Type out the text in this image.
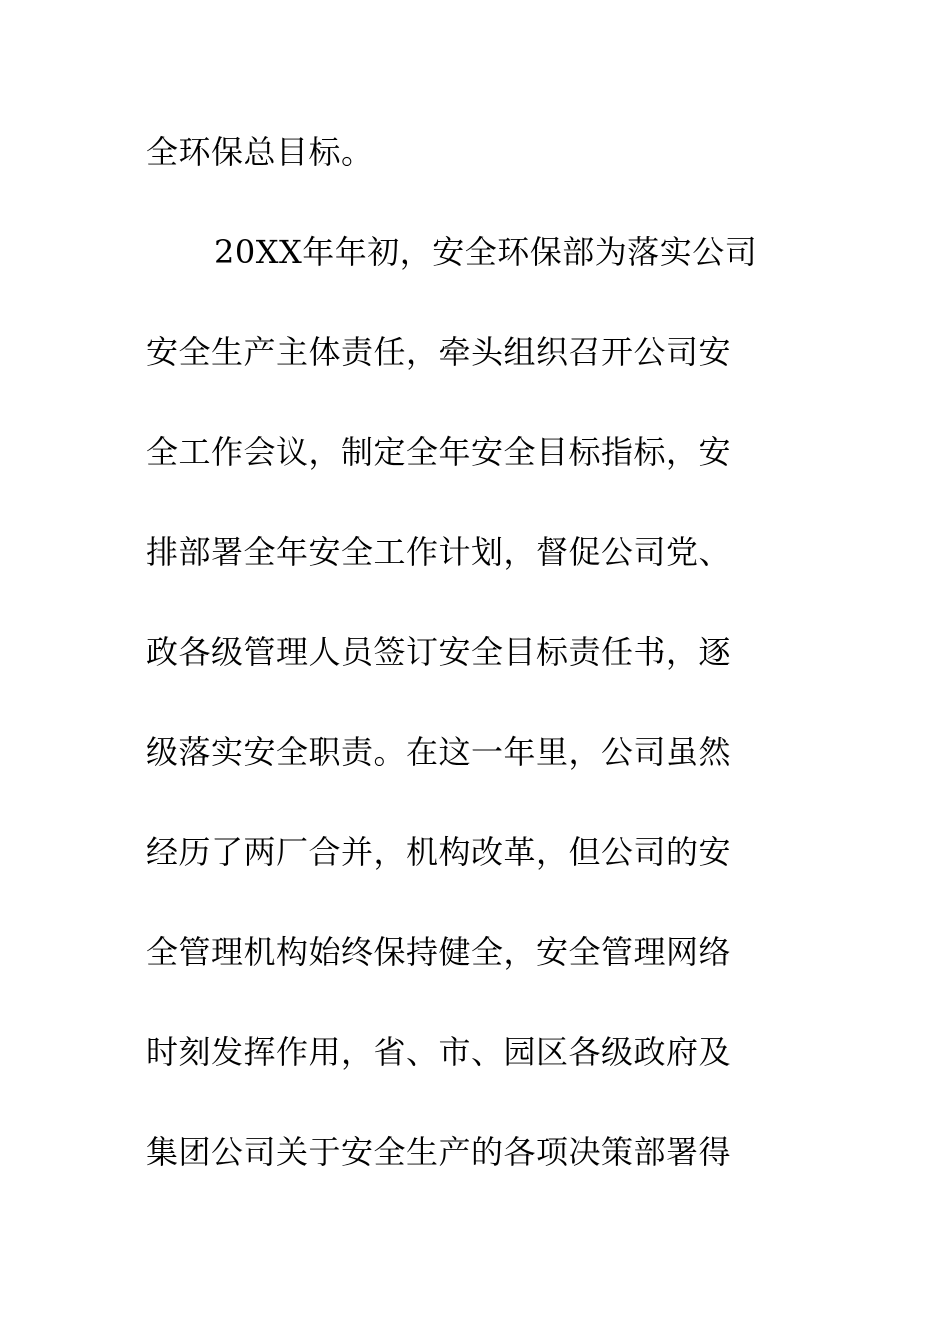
全环保总目标。
20XX年年初，安全环保部为落实公司
安全生产主体责任，牵头组织召开公司安
全工作会议，制定全年安全目标指标，安
排部署全年安全工作计划，督促公司党、
政各级管理人员签订安全目标责任书，逐
级落实安全职责。在这一年里，公司虽然
经历了两厂合并，机构改革，但公司的安
全管理机构始终保持健全，安全管理网络
时刻发挥作用，省、市、园区各级政府及
集团公司关于安全生产的各项决策部署得
